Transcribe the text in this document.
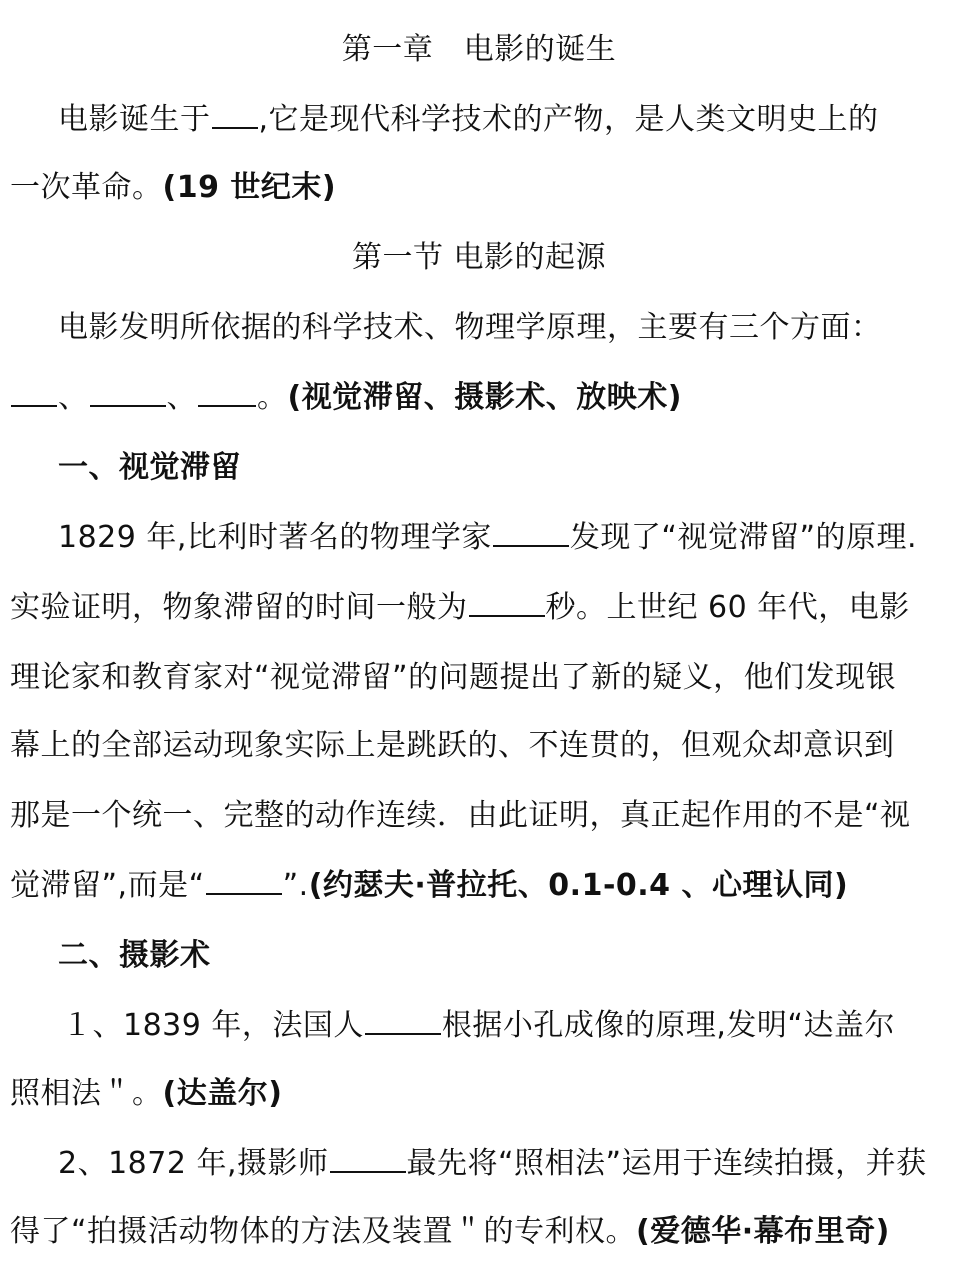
第一章　电影的诞生
电影诞生于 ,它是现代科学技术的产物，是人类文明史上的
一次革命。(19 世纪末)
第一节 电影的起源
电影发明所依据的科学技术、物理学原理，主要有三个方面：
、	、 。(视觉滞留、摄影术、放映术)
一、视觉滞留
1829 年,比利时著名的物理学家	发现了“视觉滞留”的原理.
实验证明，物象滞留的时间一般为	秒。上世纪 60 年代，电影
理论家和教育家对“视觉滞留”的问题提出了新的疑义，他们发现银
幕上的全部运动现象实际上是跳跃的、不连贯的，但观众却意识到
那是一个统一、完整的动作连续．由此证明，真正起作用的不是“视
觉滞留”,而是“	”.(约瑟夫·普拉托、0.1-0.4 、心理认同)
二、摄影术
１、1839 年，法国人	根据小孔成像的原理,发明“达盖尔
照相法＂。(达盖尔)
2、1872 年,摄影师	最先将“照相法”运用于连续拍摄，并获
得了“拍摄活动物体的方法及装置＂的专利权。(爱德华·幕布里奇)
